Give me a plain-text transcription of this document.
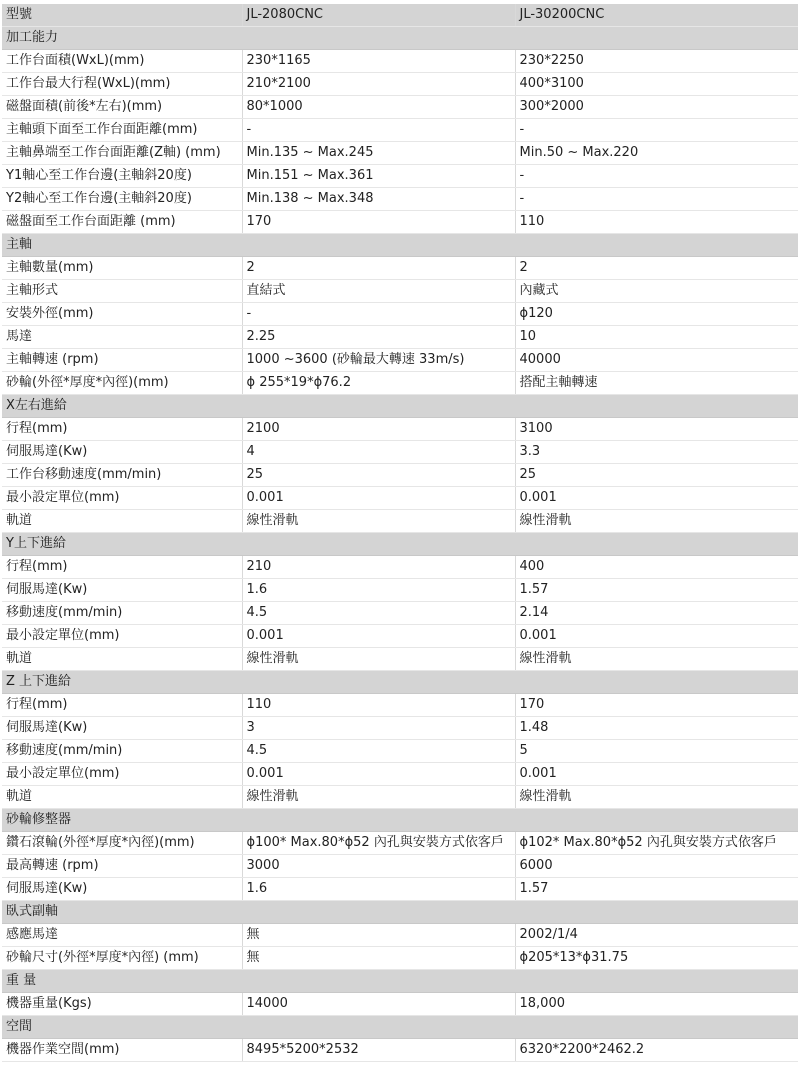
型號	JL-2080CNC	JL-30200CNC
加工能力		
工作台面積(WxL)(mm)	230*1165	230*2250
工作台最大行程(WxL)(mm)	210*2100	400*3100
磁盤面積(前後*左右)(mm)	80*1000	300*2000
主軸頭下面至工作台面距離(mm)	-	-
主軸鼻端至工作台面距離(Z軸) (mm)	Min.135 ~ Max.245	Min.50 ~ Max.220
Y1軸心至工作台邊(主軸斜20度)	Min.151 ~ Max.361	-
Y2軸心至工作台邊(主軸斜20度)	Min.138 ~ Max.348	-
磁盤面至工作台面距離 (mm)	170	110
主軸		
主軸數量(mm)	2	2
主軸形式	直結式	內藏式
安裝外徑(mm)	-	ϕ120
馬達	2.25	10
主軸轉速 (rpm)	1000 ~3600 (砂輪最大轉速 33m/s)	40000
砂輪(外徑*厚度*內徑)(mm)	ϕ 255*19*ϕ76.2	搭配主軸轉速
X左右進給		
行程(mm)	2100	3100
伺服馬達(Kw)	4	3.3
工作台移動速度(mm/min)	25	25
最小設定單位(mm)	0.001	0.001
軌道	線性滑軌	線性滑軌
Y上下進給		
行程(mm)	210	400
伺服馬達(Kw)	1.6	1.57
移動速度(mm/min)	4.5	2.14
最小設定單位(mm)	0.001	0.001
軌道	線性滑軌	線性滑軌
Z 上下進給		
行程(mm)	110	170
伺服馬達(Kw)	3	1.48
移動速度(mm/min)	4.5	5
最小設定單位(mm)	0.001	0.001
軌道	線性滑軌	線性滑軌
砂輪修整器		
鑽石滾輪(外徑*厚度*內徑)(mm)	ϕ100* Max.80*ϕ52 內孔與安裝方式依客戶	ϕ102* Max.80*ϕ52 內孔與安裝方式依客戶
最高轉速 (rpm)	3000	6000
伺服馬達(Kw)	1.6	1.57
臥式副軸		
感應馬達	無	2002/1/4
砂輪尺寸(外徑*厚度*內徑) (mm)	無	ϕ205*13*ϕ31.75
重 量		
機器重量(Kgs)	14000	18,000
空間		
機器作業空間(mm)	8495*5200*2532	6320*2200*2462.2
